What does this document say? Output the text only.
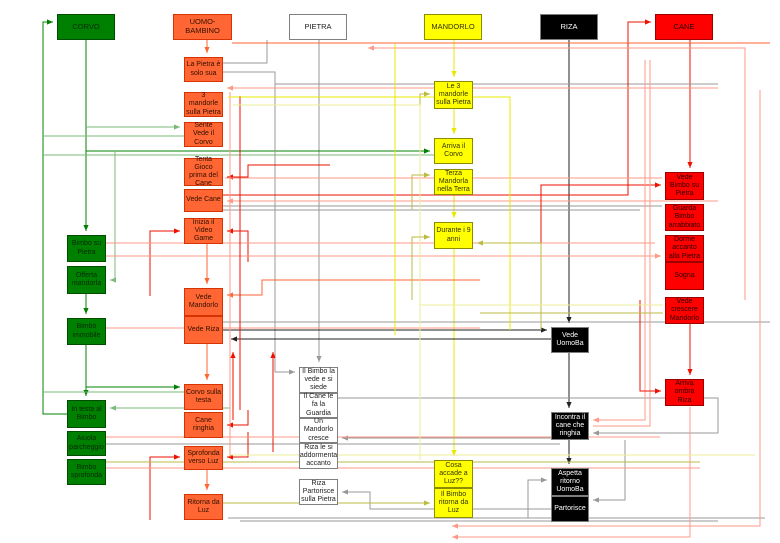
CORVO	UOMO-BAMBINO	PIETRA	MANDORLO	RIZA	CANE
Bimbo su Pietra
Offerta mandorla
Bimbo immobile
In testa al Bimbo
Aiuola parcheggio
Bimbo sprofonda
La Pietra è solo sua
3 mandorle sulla Pietra
Sente Vede il Corvo
Tenta Gioco prima del Cane
Vede Cane
Inizia il Video Game
Vede Mandorlo
Vede Riza
Corvo sulla testa
Cane ringhia
Sprofonda verso Luz
Ritorna da Luz
Il Bimbo la vede e si siede
Il Cane le fa la Guardia
Un Mandorlo cresce
Riza le si addormenta accanto
Riza Partorisce sulla Pietra
Le 3 mandorle sulla Pietra
Arriva il Corvo
Terza Mandorla nella Terra
Durante i 9 anni
Cosa accade a Luz??
Il Bimbo ritorna da Luz
Vede UomoBa
Incontra il cane che ringhia
Aspetta ritorno UomoBa
Partorisce
Vede Bimbo su Pietra
Guarda Bimbo arrabbiato
Dorme accanto alla Pietra
Sogna
Vede crescere Mandorlo
Arriva ombra Riza
